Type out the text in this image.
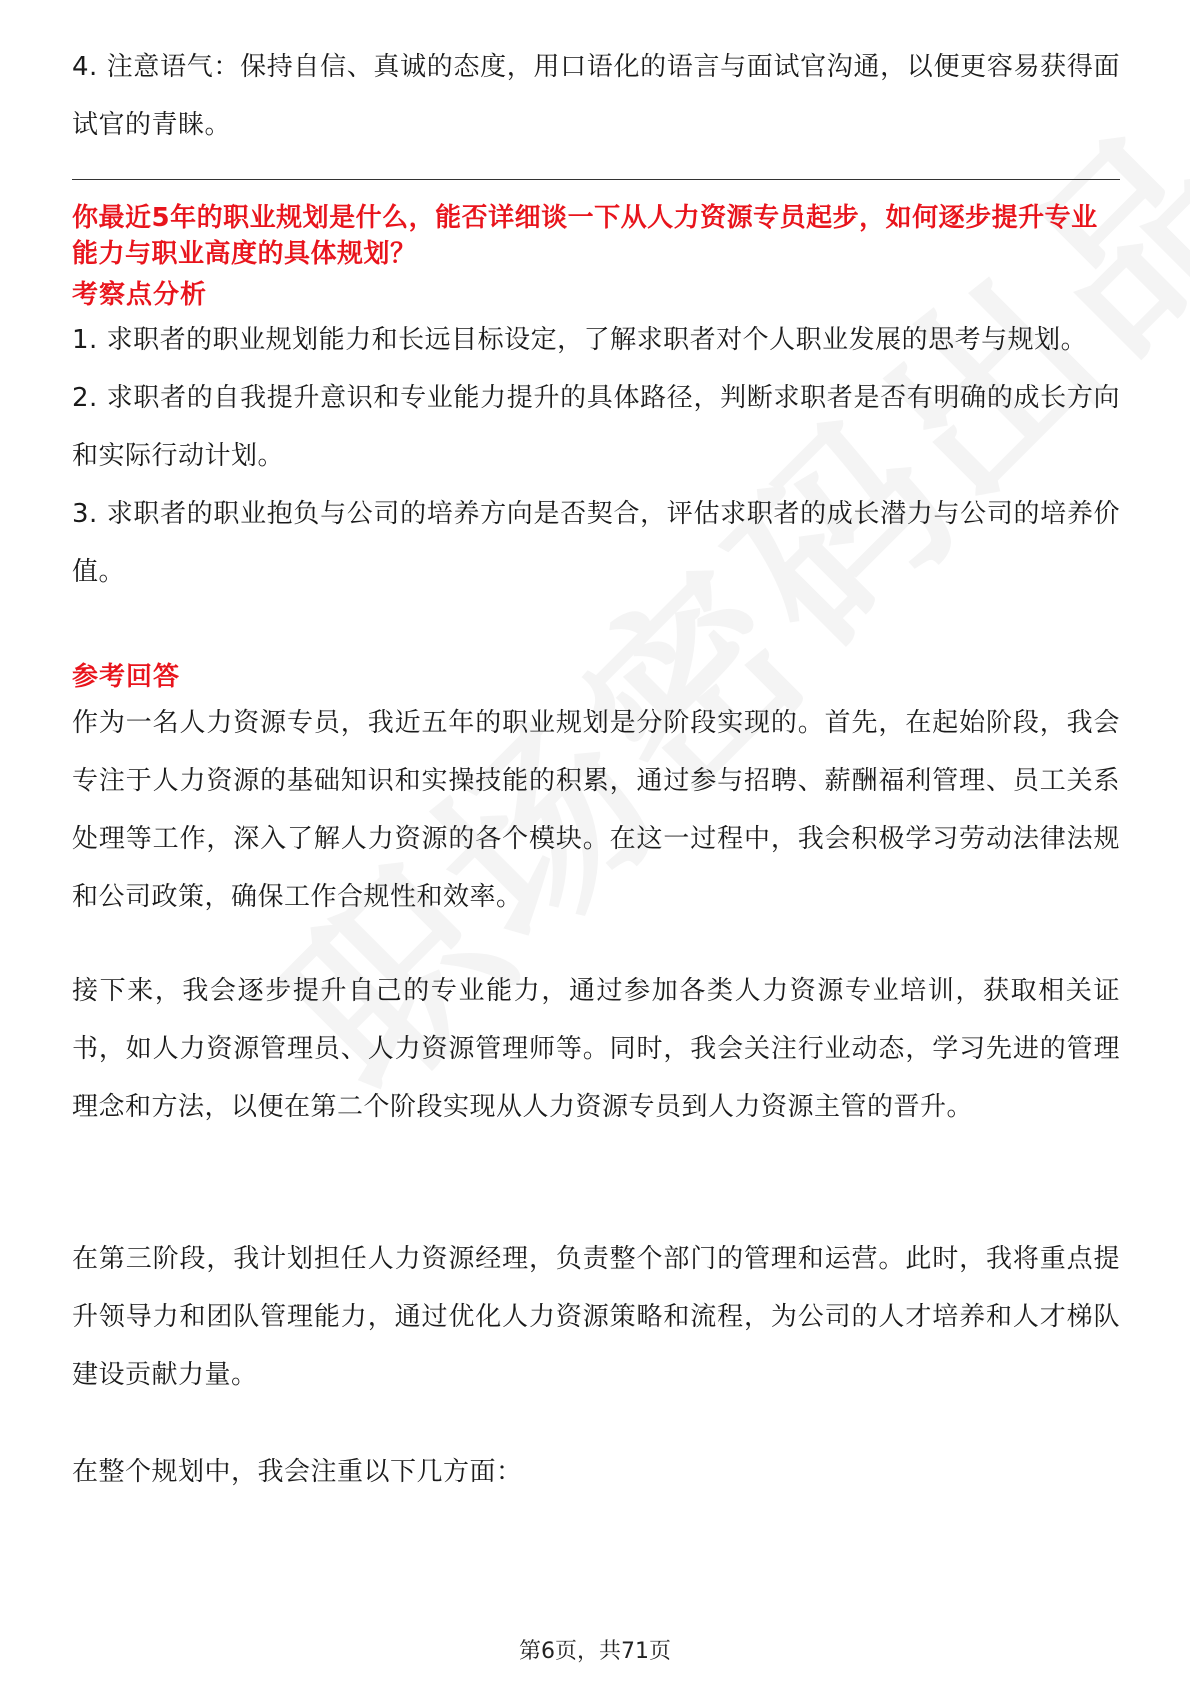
4. 注意语气：保持自信、真诚的态度，用口语化的语言与面试官沟通，以便更容易获得面试官的青睐。

你最近5年的职业规划是什么，能否详细谈一下从人力资源专员起步，如何逐步提升专业能力与职业高度的具体规划？

考察点分析

1. 求职者的职业规划能力和长远目标设定，了解求职者对个人职业发展的思考与规划。

2. 求职者的自我提升意识和专业能力提升的具体路径，判断求职者是否有明确的成长方向和实际行动计划。

3. 求职者的职业抱负与公司的培养方向是否契合，评估求职者的成长潜力与公司的培养价值。

参考回答

作为一名人力资源专员，我近五年的职业规划是分阶段实现的。首先，在起始阶段，我会专注于人力资源的基础知识和实操技能的积累，通过参与招聘、薪酬福利管理、员工关系处理等工作，深入了解人力资源的各个模块。在这一过程中，我会积极学习劳动法律法规和公司政策，确保工作合规性和效率。

接下来，我会逐步提升自己的专业能力，通过参加各类人力资源专业培训，获取相关证书，如人力资源管理员、人力资源管理师等。同时，我会关注行业动态，学习先进的管理理念和方法，以便在第二个阶段实现从人力资源专员到人力资源主管的晋升。

在第三阶段，我计划担任人力资源经理，负责整个部门的管理和运营。此时，我将重点提升领导力和团队管理能力，通过优化人力资源策略和流程，为公司的人才培养和人才梯队建设贡献力量。

在整个规划中，我会注重以下几方面：

第6页，共71页
